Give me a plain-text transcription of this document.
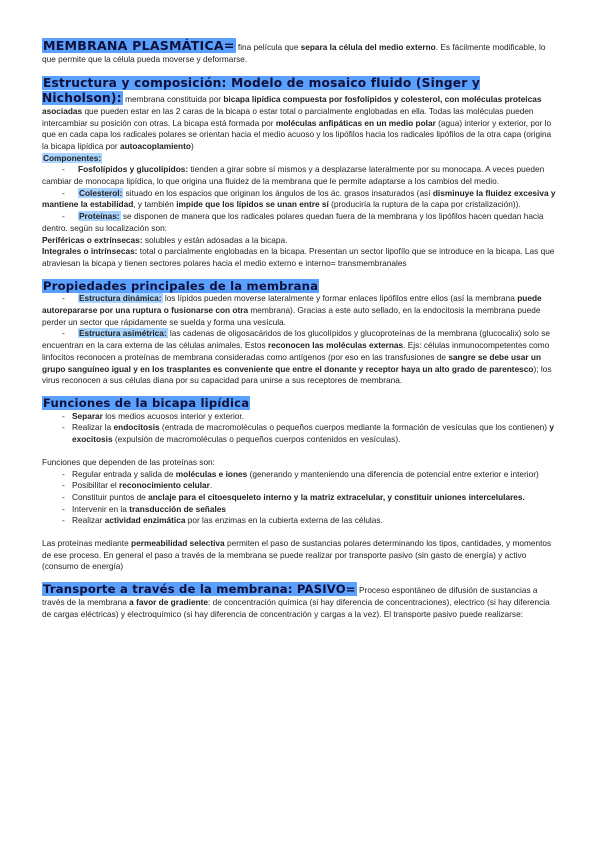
MEMBRANA PLASMÁTICA= fina película que separa la célula del medio externo. Es fácilmente modificable, lo que permite que la célula pueda moverse y deformarse.

Estructura y composición: Modelo de mosaico fluido (Singer y Nicholson): membrana constituida por bicapa lipídica compuesta por fosfolípidos y colesterol, con moléculas proteicas asociadas que pueden estar en las 2 caras de la bicapa o estar total o parcialmente englobadas en ella. Todas las moléculas pueden intercambiar su posición con otras. La bicapa está formada por moléculas anfipáticas en un medio polar (agua) interior y exterior, por lo que en cada capa los radicales polares se orientan hacia el medio acuoso y los lipófilos hacia los radicales lipófilos de la otra capa (origina la bicapa lipídica por autoacoplamiento)

Componentes:

- Fosfolípidos y glucolípidos: tienden a girar sobre sí mismos y a desplazarse lateralmente por su monocapa. A veces pueden cambiar de monocapa lipídica, lo que origina una fluidez de la membrana que le permite adaptarse a los cambios del medio.

- Colesterol: situado en los espacios que originan los ángulos de los ác. grasos insaturados (así disminuye la fluidez excesiva y mantiene la estabilidad, y también impide que los lípidos se unan entre sí (produciría la ruptura de la capa por cristalización)).

- Proteínas: se disponen de manera que los radicales polares quedan fuera de la membrana y los lipófilos hacen quedan hacia dentro. según su localización son:

Periféricas o extrínsecas: solubles y están adosadas a la bicapa.

Integrales o intrínsecas: total o parcialmente englobadas en la bicapa. Presentan un sector lipofílo que se introduce en la bicapa. Las que atraviesan la bicapa y tienen sectores polares hacia el medio externo e interno= transmembranales

Propiedades principales de la membrana

- Estructura dinámica: los lípidos pueden moverse lateralmente y formar enlaces lipófilos entre ellos (así la membrana puede autorepararse por una ruptura o fusionarse con otra membrana). Gracias a este auto sellado, en la endocitosis la membrana puede perder un sector que rápidamente se suelda y forma una vesícula.

- Estructura asimétrica: las cadenas de oligosacáridos de los glucolípidos y glucoproteínas de la membrana (glucocalix) solo se encuentran en la cara externa de las células animales. Estos reconocen las moléculas externas. Ejs: células inmunocompetentes como linfocitos reconocen a proteínas de membrana consideradas como antígenos (por eso en las transfusiones de sangre se debe usar un grupo sanguíneo igual y en los trasplantes es conveniente que entre el donante y receptor haya un alto grado de parentesco); los virus reconocen a sus células diana por su capacidad para unirse a sus receptores de membrana.

Funciones de la bicapa lipídica

- Separar los medios acuosos interior y exterior.
- Realizar la endocitosis (entrada de macromoléculas o pequeños cuerpos mediante la formación de vesículas que los contienen) y exocitosis (expulsión de macromoléculas o pequeños cuerpos contenidos en vesículas).

Funciones que dependen de las proteínas son:

- Regular entrada y salida de moléculas e iones (generando y manteniendo una diferencia de potencial entre exterior e interior)
- Posibilitar el reconocimiento celular.

- Constituir puntos de anclaje para el citoesqueleto interno y la matriz extracelular, y constituir uniones intercelulares.

- Intervenir en la transducción de señales
- Realizar actividad enzimática por las enzimas en la cubierta externa de las células.

Las proteínas mediante permeabilidad selectiva permiten el paso de sustancias polares determinando los tipos, cantidades, y momentos de ese proceso. En general el paso a través de la membrana se puede realizar por transporte pasivo (sin gasto de energía) y activo (consumo de energía)

Transporte a través de la membrana: PASIVO= Proceso espontáneo de difusión de sustancias a través de la membrana a favor de gradiente: de concentración química (si hay diferencia de concentraciones), electrico (si hay diferencia de cargas eléctricas) y electroquímico (si hay diferencia de concentración y cargas a la vez). El transporte pasivo puede realizarse:
